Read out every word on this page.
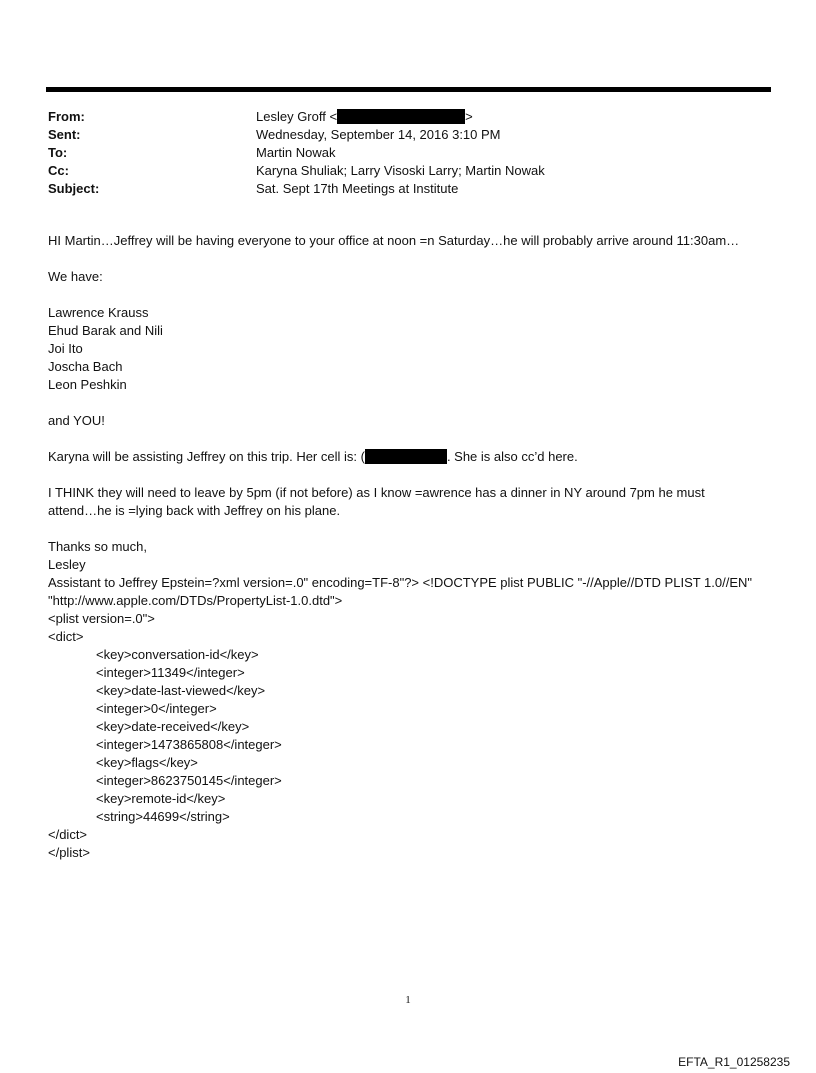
From:	Lesley Groff <	>
Sent:	Wednesday, September 14, 2016 3:10 PM
To:	Martin Nowak
Cc:	Karyna Shuliak; Larry Visoski Larry; Martin Nowak
Subject:	Sat. Sept 17th Meetings at Institute

HI Martin…Jeffrey will be having everyone to your office at noon =n Saturday…he will probably arrive around 11:30am…

We have:

Lawrence Krauss

Ehud Barak and Nili

Joi Ito

Joscha Bach

Leon Peshkin

and YOU!

Karyna will be assisting Jeffrey on this trip. Her cell is: (	. She is also cc’d here.

I THINK they will need to leave by 5pm (if not before) as I know =awrence has a dinner in NY around 7pm he must

attend…he is =lying back with Jeffrey on his plane.

Thanks so much,

Lesley

Assistant to Jeffrey Epstein=?xml version=.0" encoding=TF-8"?> <!DOCTYPE plist PUBLIC "-//Apple//DTD PLIST 1.0//EN"

"http://www.apple.com/DTDs/PropertyList-1.0.dtd">

<plist version=.0">

<dict>

<key>conversation-id</key>

<integer>11349</integer>

<key>date-last-viewed</key>

<integer>0</integer>

<key>date-received</key>

<integer>1473865808</integer>

<key>flags</key>

<integer>8623750145</integer>

<key>remote-id</key>

<string>44699</string>

</dict>

</plist>

1
EFTA_R1_01258235
